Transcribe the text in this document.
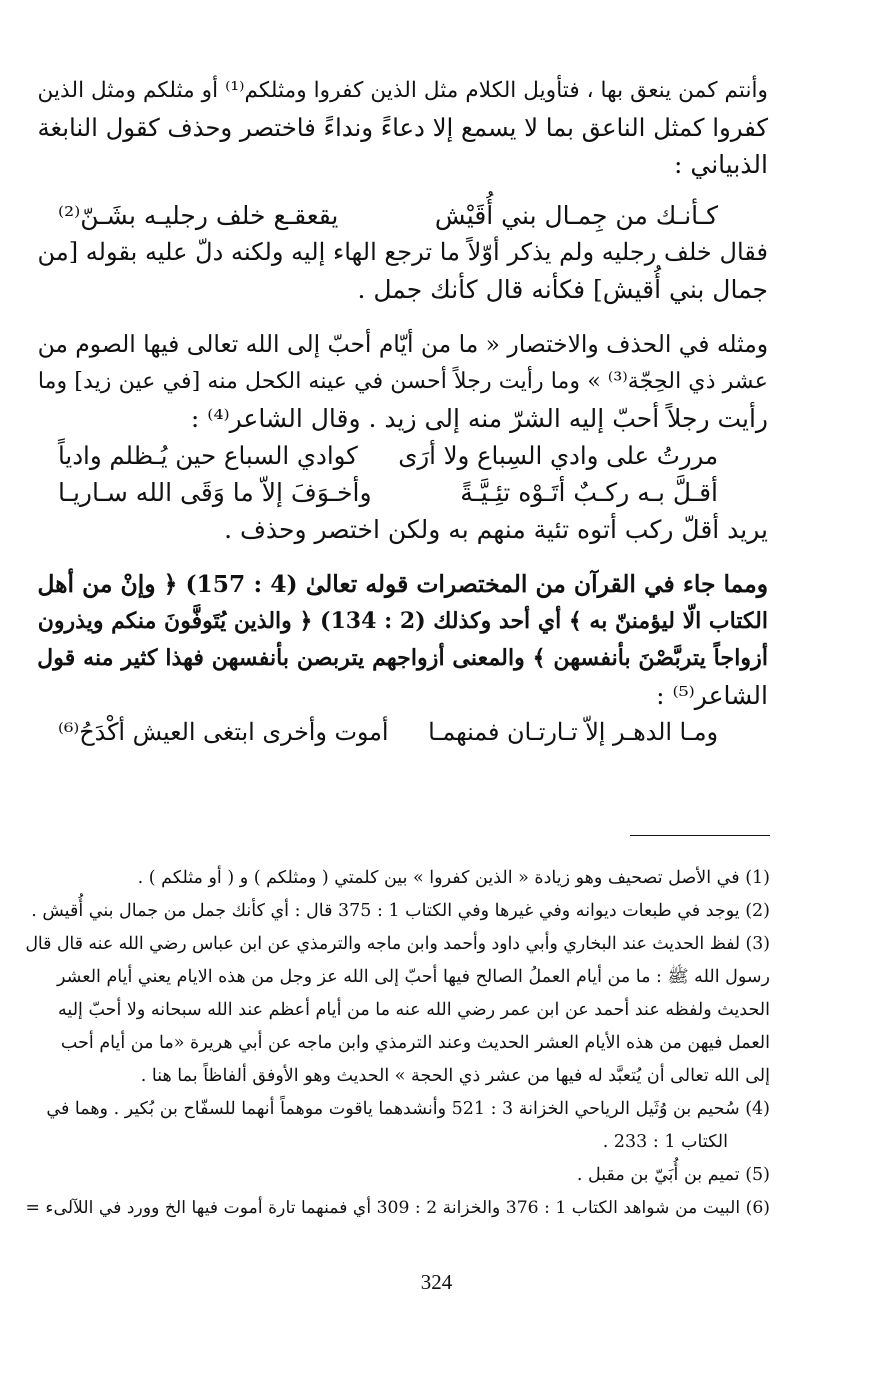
وأنتم كمن ينعق بها ، فتأويل الكلام مثل الذين كفروا ومثلكم⁽¹⁾ أو مثلكم ومثل الذين

كفروا كمثل الناعق بما لا يسمع إلا دعاءً ونداءً فاختصر وحذف كقول النابغة

الذبياني :

كـأنـك من جِمـال بني أُقَيْش
يقعقـع خلف رجليـه بشَـنّ⁽²⁾

فقال خلف رجليه ولم يذكر أوّلاً ما ترجع الهاء إليه ولكنه دلّ عليه بقوله [من

جمال بني أُقيش] فكأنه قال كأنك جمل .

ومثله في الحذف والاختصار « ما من أيّام أحبّ إلى الله تعالى فيها الصوم من

عشر ذي الحِجّة⁽³⁾ » وما رأيت رجلاً أحسن في عينه الكحل منه [في عين زيد] وما

رأيت رجلاً أحبّ إليه الشرّ منه إلى زيد . وقال الشاعر⁽⁴⁾ :

مررتُ على وادي السِباع ولا أرَى
كوادي السباع حين يُـظلم وادياً
أقـلَّ بـه ركـبٌ أتَـوْه تئِـيَّـةً
وأخـوَفَ إلاّ ما وَقَى الله سـاريـا

يريد أقلّ ركب أتوه تئية منهم به ولكن اختصر وحذف .

ومما جاء في القرآن من المختصرات قوله تعالىٰ (4 : 157) ﴿ وإنْ من أهل

الكتاب الّا ليؤمننّ به ﴾ أي أحد وكذلك (2 : 134) ﴿ والذين يُتَوفَّونَ منكم ويذرون

أزواجاً يتربَّصْنَ بأنفسهن ﴾ والمعنى أزواجهم يتربصن بأنفسهن فهذا كثير منه قول

الشاعر⁽⁵⁾ :

ومـا الدهـر إلاّ تـارتـان فمنهمـا
أموت وأخرى ابتغى العيش أكْدَحُ⁽⁶⁾

(1) في الأصل تصحيف وهو زيادة « الذين كفروا » بين كلمتي ( ومثلكم ) و ( أو مثلكم ) .

(2) يوجد في طبعات ديوانه وفي غيرها وفي الكتاب 1 : 375 قال : أي كأنك جمل من جمال بني أُقيش .

(3) لفظ الحديث عند البخاري وأبي داود وأحمد وابن ماجه والترمذي عن ابن عباس رضي الله عنه قال قال

رسول الله ﷺ : ما من أيام العملُ الصالح فيها أحبّ إلى الله عز وجل من هذه الايام يعني أيام العشر

الحديث ولفظه عند أحمد عن ابن عمر رضي الله عنه ما من أيام أعظم عند الله سبحانه ولا أحبّ إليه

العمل فيهن من هذه الأيام العشر الحديث وعند الترمذي وابن ماجه عن أبي هريرة «ما من أيام أحب

إلى الله تعالى أن يُتعبَّد له فيها من عشر ذي الحجة » الحديث وهو الأوفق ألفاظاً بما هنا .

(4) سُحيم بن وُثَيل الرياحي الخزانة 3 : 521 وأنشدهما ياقوت موهماً أنهما للسفّاح بن بُكير . وهما في

الكتاب 1 : 233 .

(5) تميم بن أُبَيّ بن مقبل .

(6) البيت من شواهد الكتاب 1 : 376 والخزانة 2 : 309 أي فمنهما تارة أموت فيها الخ وورد في اللآلىء =

324
